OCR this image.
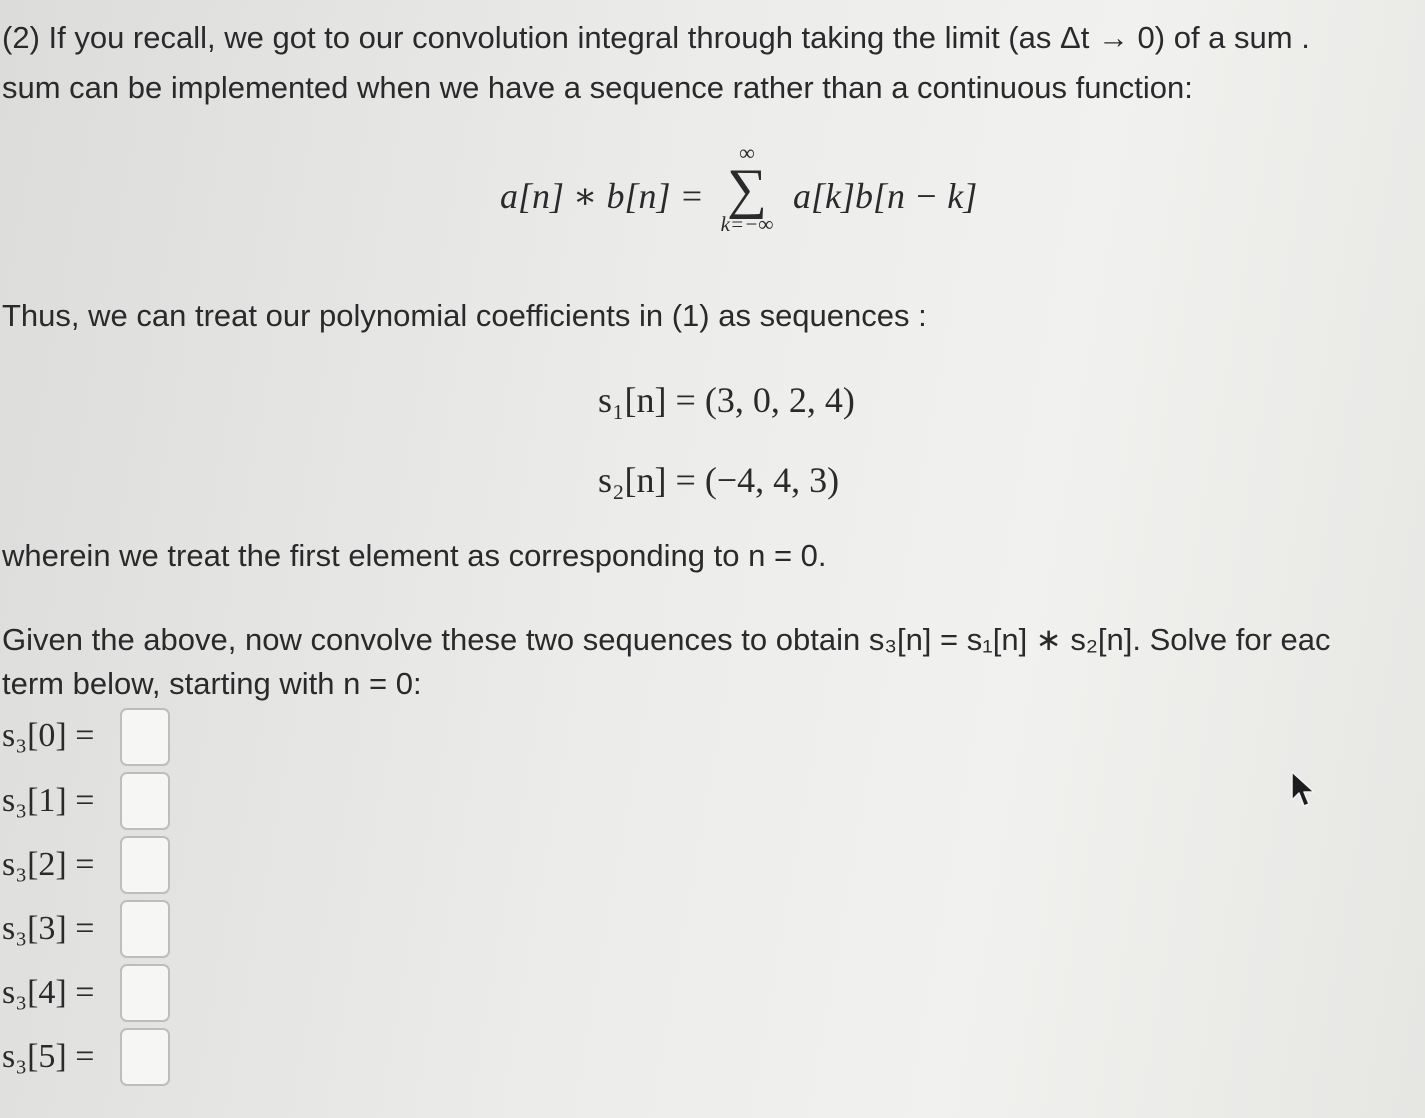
(2) If you recall, we got to our convolution integral through taking the limit (as Δt → 0) of a sum .
sum can be implemented when we have a sequence rather than a continuous function:
a[n] ∗ b[n] =
∞
∑
k=−∞
a[k]b[n − k]
Thus, we can treat our polynomial coefficients in (1) as sequences :
s₁[n] = (3, 0, 2, 4)
s₂[n] = (−4, 4, 3)
wherein we treat the first element as corresponding to n = 0.
Given the above, now convolve these two sequences to obtain s₃[n] = s₁[n] ∗ s₂[n]. Solve for eac
term below, starting with n = 0:
s₃[0] =
s₃[1] =
s₃[2] =
s₃[3] =
s₃[4] =
s₃[5] =
